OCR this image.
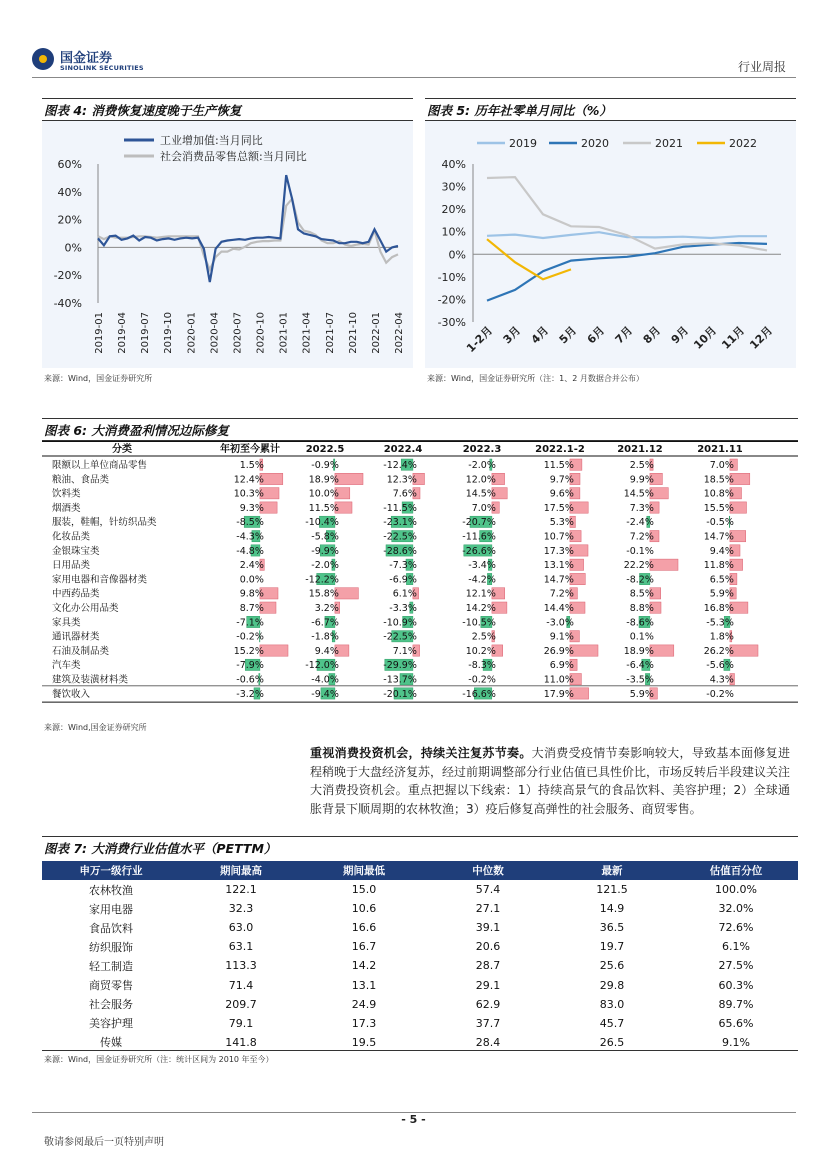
国金证券
SINOLINK SECURITIES	行业周报
图表 4: 消费恢复速度晚于生产恢复
60%
40%
20%
0%
-20%
-40%
2019-01 2019-04 2019-07 2019-10 2020-01 2020-04 2020-07 2020-10 2021-01 2021-04 2021-07 2021-10 2022-01 2022-04
工业增加值:当月同比
社会消费品零售总额:当月同比
来源：Wind，国金证券研究所
图表 5: 历年社零单月同比（%）
40%
30%
20%
10%
0%
-10%
-20%
-30%
1-2月 3月 4月 5月 6月 7月 8月 9月 10月 11月 12月
2019	2020	2021	2022
来源：Wind，国金证券研究所（注：1、2 月数据合并公布）
图表 6: 大消费盈利情况边际修复
分类	年初至今累计	2022.5	2022.4	2022.3	2022.1-2	2021.12	2021.11
限额以上单位商品零售	1.5%	-0.9%	-12.4%	-2.0%	11.5%	2.5%	7.0%
粮油、食品类	12.4%	18.9%	12.3%	12.0%	9.7%	9.9%	18.5%
饮料类	10.3%	10.0%	7.6%	14.5%	9.6%	14.5%	10.8%
烟酒类	9.3%	11.5%	-11.5%	7.0%	17.5%	7.3%	15.5%
服装，鞋帽，针纺织品类	-8.5%	-10.4%	-23.1%	-20.7%	5.3%	-2.4%	-0.5%
化妆品类	-4.3%	-5.8%	-22.5%	-11.6%	10.7%	7.2%	14.7%
金银珠宝类	-4.8%	-9.9%	-28.6%	-26.6%	17.3%	-0.1%	9.4%
日用品类	2.4%	-2.0%	-7.3%	-3.4%	13.1%	22.2%	11.8%
家用电器和音像器材类	0.0%	-12.2%	-6.9%	-4.2%	14.7%	-8.2%	6.5%
中西药品类	9.8%	15.8%	6.1%	12.1%	7.2%	8.5%	5.9%
文化办公用品类	8.7%	3.2%	-3.3%	14.2%	14.4%	8.8%	16.8%
家具类	-7.1%	-6.7%	-10.9%	-10.5%	-3.0%	-8.6%	-5.3%
通讯器材类	-0.2%	-1.8%	-22.5%	2.5%	9.1%	0.1%	1.8%
石油及制品类	15.2%	9.4%	7.1%	10.2%	26.9%	18.9%	26.2%
汽车类	-7.9%	-12.0%	-29.9%	-8.3%	6.9%	-6.4%	-5.6%
建筑及装潢材料类	-0.6%	-4.0%	-13.7%	-0.2%	11.0%	-3.5%	4.3%
餐饮收入	-3.2%	-9.4%	-20.1%	-16.6%	17.9%	5.9%	-0.2%
来源：Wind,国金证券研究所
重视消费投资机会，持续关注复苏节奏。大消费受疫情节奏影响较大，导致基本面修复进程稍晚于大盘经济复苏，经过前期调整部分行业估值已具性价比，市场反转后半段建议关注大消费投资机会。重点把握以下线索：1）持续高景气的食品饮料、美容护理；2）全球通胀背景下顺周期的农林牧渔；3）疫后修复高弹性的社会服务、商贸零售。
图表 7: 大消费行业估值水平（PETTM）
申万一级行业	期间最高	期间最低	中位数	最新	估值百分位
农林牧渔	122.1	15.0	57.4	121.5	100.0%
家用电器	32.3	10.6	27.1	14.9	32.0%
食品饮料	63.0	16.6	39.1	36.5	72.6%
纺织服饰	63.1	16.7	20.6	19.7	6.1%
轻工制造	113.3	14.2	28.7	25.6	27.5%
商贸零售	71.4	13.1	29.1	29.8	60.3%
社会服务	209.7	24.9	62.9	83.0	89.7%
美容护理	79.1	17.3	37.7	45.7	65.6%
传媒	141.8	19.5	28.4	26.5	9.1%
来源：Wind，国金证券研究所（注：统计区间为 2010 年至今）
- 5 -
敬请参阅最后一页特别声明
